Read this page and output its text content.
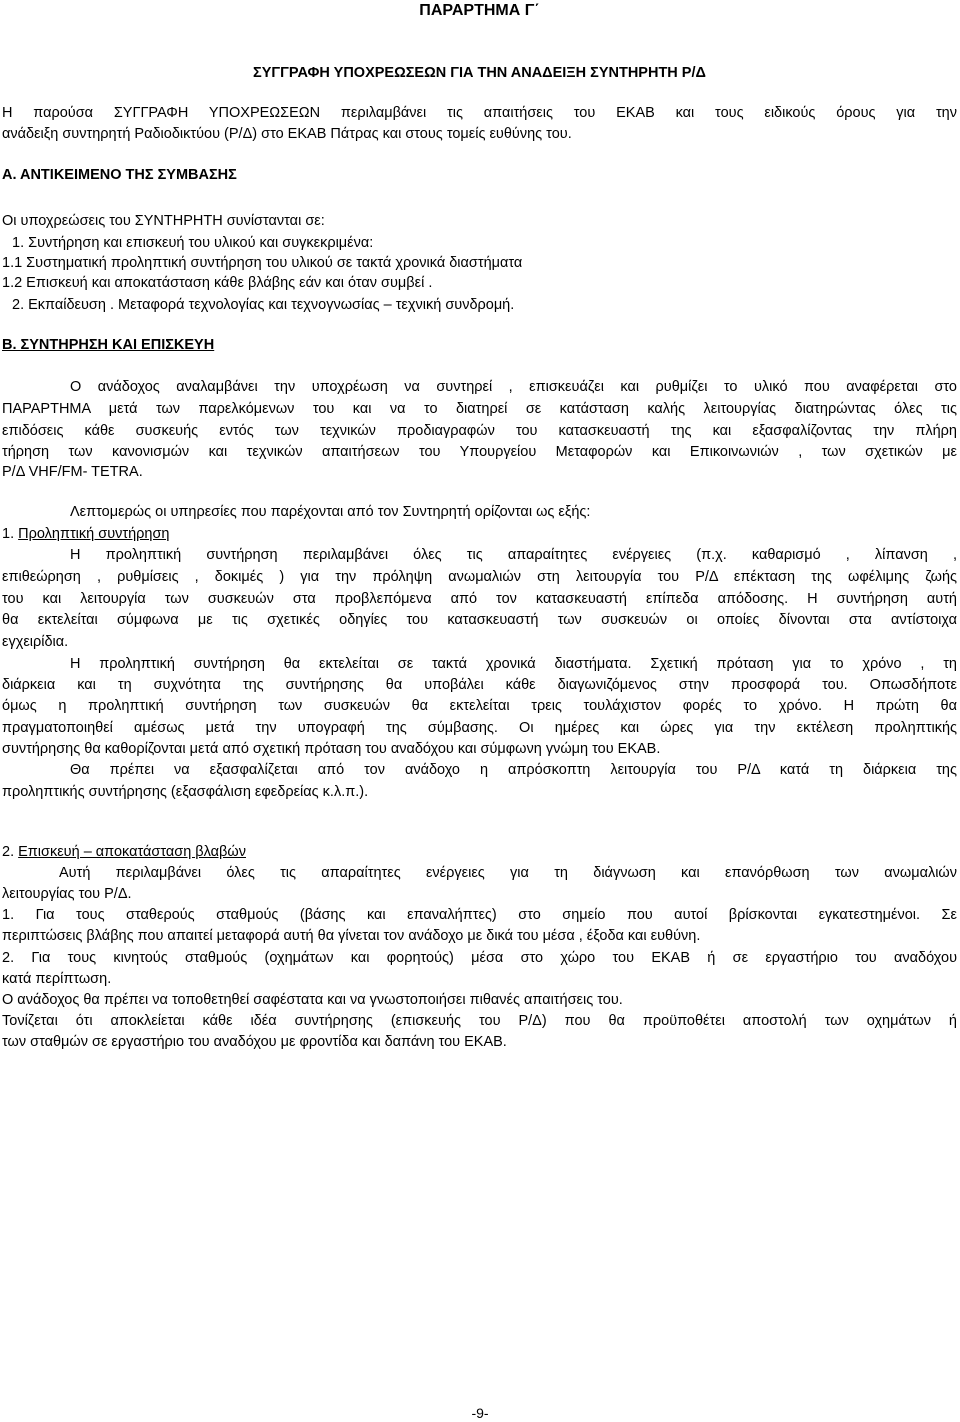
ΠΑΡΑΡΤΗΜΑ Γ΄
ΣΥΓΓΡΑΦΗ ΥΠΟΧΡΕΩΣΕΩΝ ΓΙΑ ΤΗΝ ΑΝΑΔΕΙΞΗ ΣΥΝΤΗΡΗΤΗ Ρ/Δ
Η παρούσα ΣΥΓΓΡΑΦΗ ΥΠΟΧΡΕΩΣΕΩΝ περιλαμβάνει τις απαιτήσεις του ΕΚΑΒ και τους ειδικούς όρους για την
ανάδειξη συντηρητή Ραδιοδικτύου (Ρ/Δ) στο ΕΚΑΒ Πάτρας και στους τομείς ευθύνης του.
Α. ΑΝΤΙΚΕΙΜΕΝΟ ΤΗΣ ΣΥΜΒΑΣΗΣ
Οι υποχρεώσεις του ΣΥΝΤΗΡΗΤΗ συνίστανται σε:
1. Συντήρηση και επισκευή του υλικού και συγκεκριμένα:
1.1 Συστηματική προληπτική συντήρηση του υλικού σε τακτά χρονικά διαστήματα
1.2 Επισκευή και αποκατάσταση κάθε βλάβης εάν και όταν συμβεί .
2. Εκπαίδευση . Μεταφορά τεχνολογίας και τεχνογνωσίας – τεχνική συνδρομή.
Β. ΣΥΝΤΗΡΗΣΗ ΚΑΙ ΕΠΙΣΚΕΥΗ
Ο ανάδοχος αναλαμβάνει την υποχρέωση να συντηρεί , επισκευάζει και ρυθμίζει το υλικό που αναφέρεται στο
ΠΑΡΑΡΤΗΜΑ μετά των παρελκόμενων του και να το διατηρεί σε κατάσταση καλής λειτουργίας διατηρώντας όλες τις
επιδόσεις κάθε συσκευής εντός των τεχνικών προδιαγραφών του κατασκευαστή της και εξασφαλίζοντας την πλήρη
τήρηση των κανονισμών και τεχνικών απαιτήσεων του Υπουργείου Μεταφορών και Επικοινωνιών , των σχετικών με
Ρ/Δ VHF/FM- TETRA.
Λεπτομερώς οι υπηρεσίες που παρέχονται από τον Συντηρητή ορίζονται ως εξής:
1. Προληπτική συντήρηση
Η προληπτική συντήρηση περιλαμβάνει όλες τις απαραίτητες ενέργειες (π.χ. καθαρισμό , λίπανση ,
επιθεώρηση , ρυθμίσεις , δοκιμές ) για την πρόληψη ανωμαλιών στη λειτουργία του Ρ/Δ επέκταση της ωφέλιμης ζωής
του και λειτουργία των συσκευών στα προβλεπόμενα από τον κατασκευαστή επίπεδα απόδοσης. Η συντήρηση αυτή
θα εκτελείται σύμφωνα με τις σχετικές οδηγίες του κατασκευαστή των συσκευών οι οποίες δίνονται στα αντίστοιχα
εγχειρίδια.
Η προληπτική συντήρηση θα εκτελείται σε τακτά χρονικά διαστήματα. Σχετική πρόταση για το χρόνο , τη
διάρκεια και τη συχνότητα της συντήρησης θα υποβάλει κάθε διαγωνιζόμενος στην προσφορά του. Οπωσδήποτε
όμως η προληπτική συντήρηση των συσκευών θα εκτελείται τρεις τουλάχιστον φορές το χρόνο. Η πρώτη θα
πραγματοποιηθεί αμέσως μετά την υπογραφή της σύμβασης. Οι ημέρες και ώρες για την εκτέλεση προληπτικής
συντήρησης θα καθορίζονται μετά από σχετική πρόταση του αναδόχου και σύμφωνη γνώμη του ΕΚΑΒ.
Θα πρέπει να εξασφαλίζεται από τον ανάδοχο η απρόσκοπτη λειτουργία του Ρ/Δ κατά τη διάρκεια της
προληπτικής συντήρησης (εξασφάλιση εφεδρείας κ.λ.π.).
2. Επισκευή – αποκατάσταση βλαβών
Αυτή περιλαμβάνει όλες τις απαραίτητες ενέργειες για τη διάγνωση και επανόρθωση των ανωμαλιών
λειτουργίας του Ρ/Δ.
1. Για τους σταθερούς σταθμούς (βάσης και επαναλήπτες) στο σημείο που αυτοί βρίσκονται εγκατεστημένοι. Σε
περιπτώσεις βλάβης που απαιτεί μεταφορά αυτή θα γίνεται τον ανάδοχο με δικά του μέσα , έξοδα και ευθύνη.
2. Για τους κινητούς σταθμούς (οχημάτων και φορητούς) μέσα στο χώρο του ΕΚΑΒ ή σε εργαστήριο του αναδόχου
κατά περίπτωση.
Ο ανάδοχος θα πρέπει να τοποθετηθεί σαφέστατα και να γνωστοποιήσει πιθανές απαιτήσεις του.
Τονίζεται ότι αποκλείεται κάθε ιδέα συντήρησης (επισκευής του Ρ/Δ) που θα προϋποθέτει αποστολή των οχημάτων ή
των σταθμών σε εργαστήριο του αναδόχου με φροντίδα και δαπάνη του ΕΚΑΒ.
-9-
